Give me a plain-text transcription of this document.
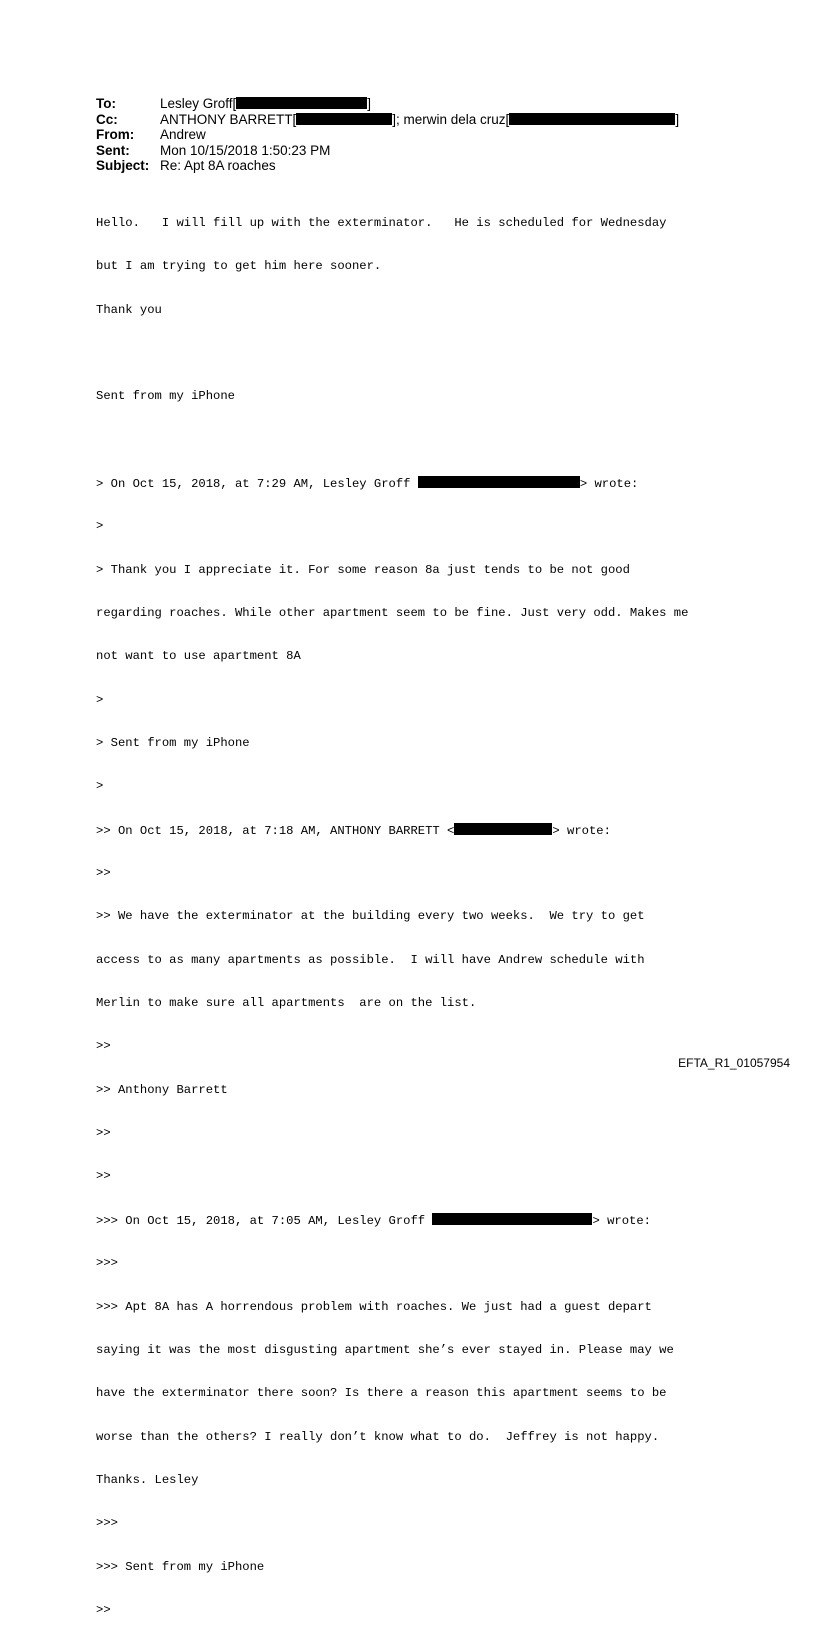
To:	Lesley Groff[	]
Cc:	ANTHONY BARRETT[	]; merwin dela cruz[	]
From: Andrew
Sent: Mon 10/15/2018 1:50:23 PM
Subject: Re: Apt 8A roaches

Hello.   I will fill up with the exterminator.   He is scheduled for Wednesday

but I am trying to get him here sooner.

Thank you

Sent from my iPhone

> On Oct 15, 2018, at 7:29 AM, Lesley Groff	> wrote:

>

> Thank you I appreciate it. For some reason 8a just tends to be not good

regarding roaches. While other apartment seem to be fine. Just very odd. Makes me

not want to use apartment 8A

>

> Sent from my iPhone

>

>> On Oct 15, 2018, at 7:18 AM, ANTHONY BARRETT <	> wrote:

>>

>> We have the exterminator at the building every two weeks.  We try to get

access to as many apartments as possible.  I will have Andrew schedule with

Merlin to make sure all apartments  are on the list.

>>

>> Anthony Barrett

>>

>>

>>> On Oct 15, 2018, at 7:05 AM, Lesley Groff	> wrote:

>>>

>>> Apt 8A has A horrendous problem with roaches. We just had a guest depart

saying it was the most disgusting apartment she’s ever stayed in. Please may we

have the exterminator there soon? Is there a reason this apartment seems to be

worse than the others? I really don’t know what to do.  Jeffrey is not happy.

Thanks. Lesley

>>>

>>> Sent from my iPhone

>>

EFTA_R1_01057954
